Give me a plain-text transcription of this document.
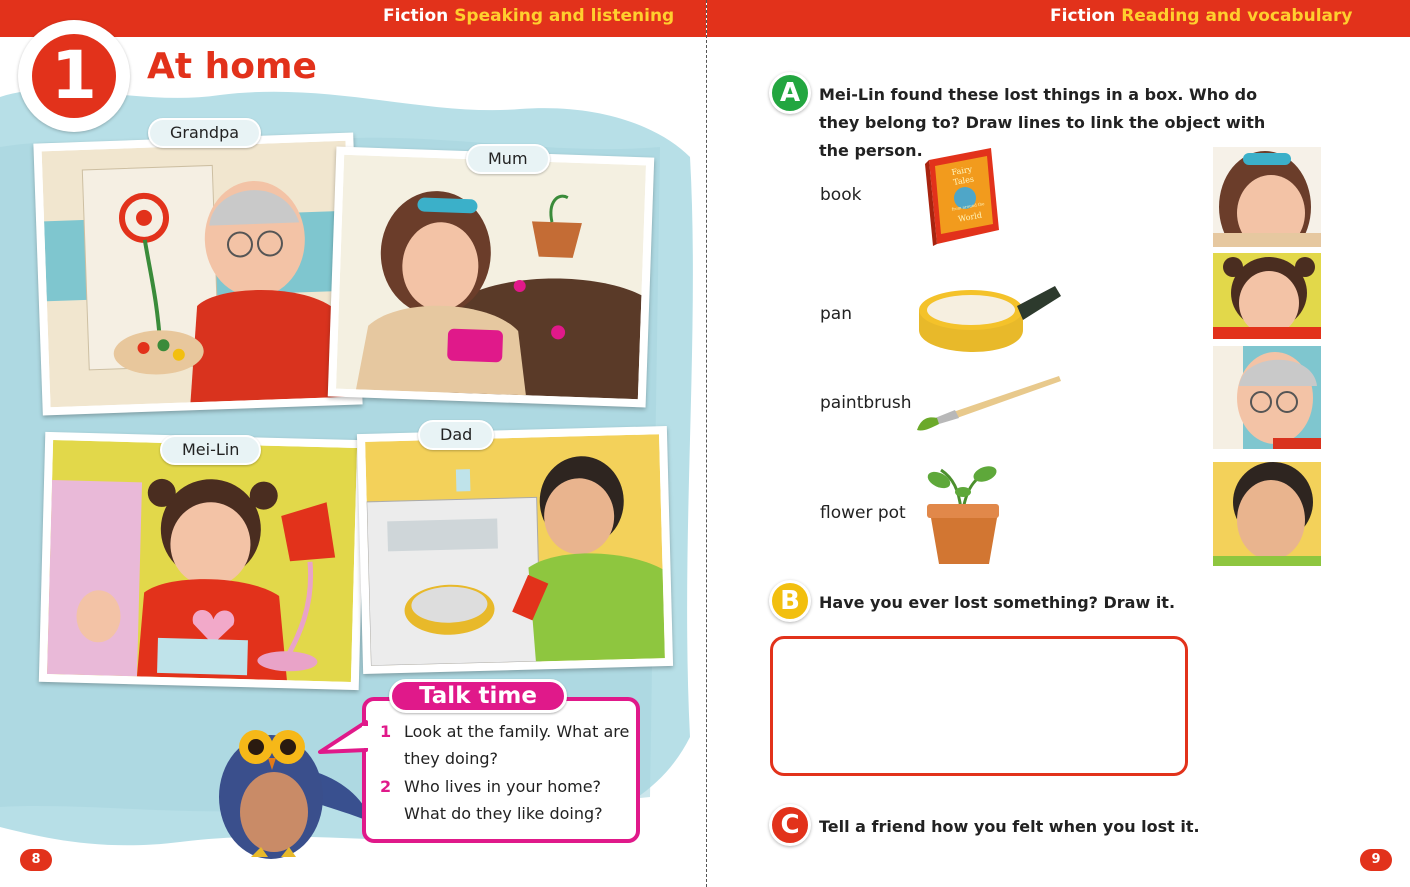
Fiction Speaking and listening
1	At home
Grandpa
Mum
Mei-Lin
Dad
Talk time
1 Look at the family. What are they doing?
2 Who lives in your home? What do they like doing?
8
Fiction Reading and vocabulary
A	Mei-Lin found these lost things in a box. Who do they belong to? Draw lines to link the object with the person.
book
pan
paintbrush
flower pot
Fairy Tales
from around the
World
B	Have you ever lost something? Draw it.
C	Tell a friend how you felt when you lost it.
9
